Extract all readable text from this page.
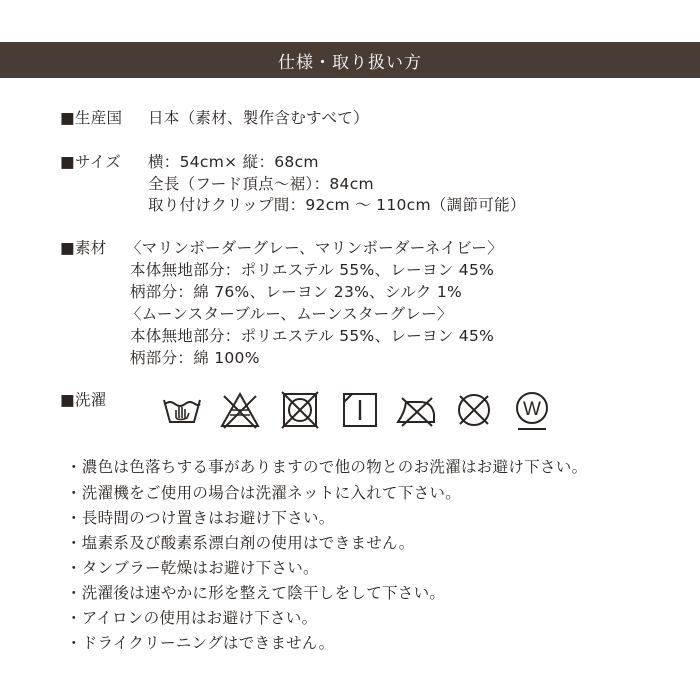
仕様・取り扱い方
■生産国 日本（素材、製作含むすべて）
■サイズ 横：54cm× 縦：68cm
全長（フード頂点〜裾）：84cm
取り付けクリップ間：92cm 〜 110cm（調節可能）
■素材 〈マリンボーダーグレー、マリンボーダーネイビー〉
本体無地部分：ポリエステル 55%、レーヨン 45%
柄部分：綿 76%、レーヨン 23%、シルク 1%
〈ムーンスターブルー、ムーンスターグレー〉
本体無地部分：ポリエステル 55%、レーヨン 45%
柄部分：綿 100%
■洗濯	W
・濃色は色落ちする事がありますので他の物とのお洗濯はお避け下さい。
・洗濯機をご使用の場合は洗濯ネットに入れて下さい。
・長時間のつけ置きはお避け下さい。
・塩素系及び酸素系漂白剤の使用はできません。
・タンブラー乾燥はお避け下さい。
・洗濯後は速やかに形を整えて陰干しをして下さい。
・アイロンの使用はお避け下さい。
・ドライクリーニングはできません。
